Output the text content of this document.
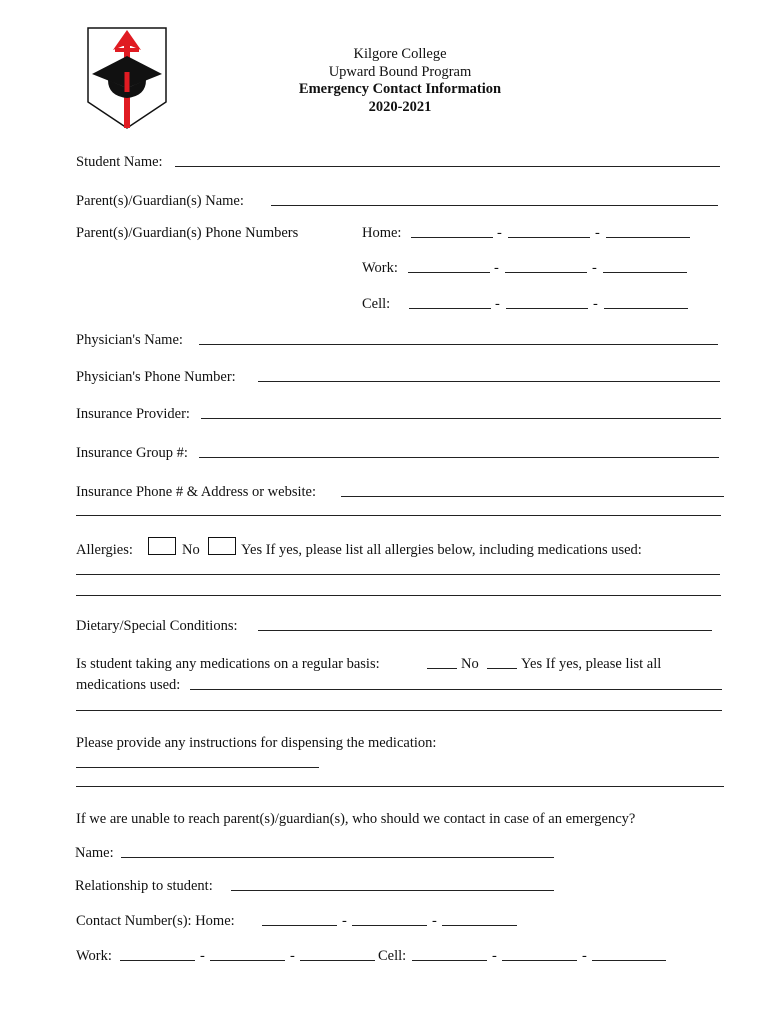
Kilgore College
Upward Bound Program
Emergency Contact Information
2020-2021
Student Name:
Parent(s)/Guardian(s) Name:
Parent(s)/Guardian(s) Phone Numbers	Home:	-	-
Work:	-	-
Cell:	-	-
Physician's Name:
Physician's Phone Number:
Insurance Provider:
Insurance Group #:
Insurance Phone # & Address or website:
Allergies:	No	Yes If yes, please list all allergies below, including medications used:
Dietary/Special Conditions:
Is student taking any medications on a regular basis:	No	Yes If yes, please list all
medications used:
Please provide any instructions for dispensing the medication:
If we are unable to reach parent(s)/guardian(s), who should we contact in case of an emergency?
Name:
Relationship to student:
Contact Number(s): Home:	-	-
Work:	-	-	Cell:	-	-
